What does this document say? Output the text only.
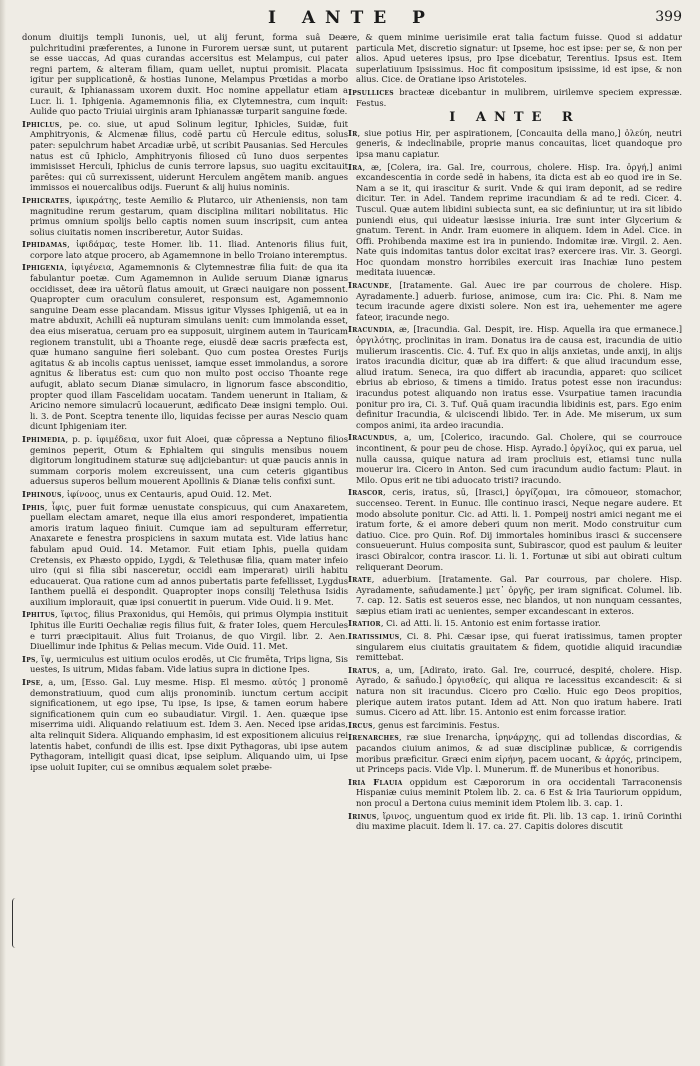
I ANTE P	399

donum diuitijs templi Iunonis, uel, ut alij ferunt, forma suâ Deæ pulchritudini præferentes, a Iunone in Furorem uersæ sunt, ut putarent se esse uaccas, Ad quas curandas accersitus est Melampus, cui pater regni partem, & alteram filiam, quam uellet, nuptui promisit. Placata igitur per supplicationê, & hostias Iunone, Melampus Prœtidas a morbo curauit, & Iphianassam uxorem duxit. Hoc nomine appellatur etiam a Lucr. li. 1. Iphigenia. Agamemnonis filia, ex Clytemnestra, cum inquit: Aulide quo pacto Triuiai uirginis aram Iphianassæ turparit sanguine fœde.

Iphiclus, pe. co. siue, ut apud Solinum legitur, Iphicles, Suidæ, fuit Amphitryonis, & Alcmenæ filius, codē partu cū Hercule editus, solus pater: sepulchrum habet Arcadiæ urbē, ut scribit Pausanias. Sed Hercules natus est cū Iphiclo, Amphitryonis filiosed cū Iuno duos serpentes immisisset Herculi, Iphiclus de cunis terrore lapsus, suo uagitu excitauit parētes: qui cū surrexissent, uiderunt Herculem angētem manib. angues immissos ei nouercalibus odijs. Fuerunt & alij huius nominis.

Iphicrates, ἰφικράτης, teste Aemilio & Plutarco, uir Atheniensis, non tam magnitudine rerum gestarum, quam disciplina militari nobilitatus. Hic primus omnium spolijs bello captis nomen suum inscripsit, cum antea solius ciuitatis nomen inscriberetur, Autor Suidas.

Iphidamas, ἰφιδάμας, teste Homer. lib. 11. Iliad. Antenoris filius fuit, corpore lato atque procero, ab Agamemnone in bello Troiano interemptus.

Iphigenia, ἰφιγένεια, Agamemnonis & Clytemnestræ filia fuit: de qua ita fabulantur poetæ. Cum Agamemnon in Aulide seruum Dianæ ignarus occidisset, deæ ira uētorū flatus amouit, ut Græci nauigare non possent. Quapropter cum oraculum consuleret, responsum est, Agamemnonio sanguine Deam esse placandam. Missus igitur Vlysses Iphigeniā, ut ea in matre abduxit, Achilli eā nupturam simulans uenit: cum immolanda esset, dea eius miseratua, ceruam pro ea supposuit, uirginem autem in Tauricam regionem transtulit, ubi a Thoante rege, eiusdē deæ sacris præfecta est, quæ humano sanguine fieri solebant. Quo cum postea Orestes Furijs agitatus & ab incolis captus uenisset, iamque esset immolandus, a sorore agnitus & liberatus est: cum quo non multo post occiso Thoante rege aufugit, ablato secum Dianæ simulacro, in lignorum fasce absconditio, propter quod illam Fascelidam uocatam. Tandem uenerunt in Italiam, & Aricino nemore simulacrū locauerunt, ædificato Deæ insigni templo. Oui. li. 3. de Pont. Sceptra tenente illo, liquidas fecisse per auras Nescio quam dicunt Iphigeniam iter.

Iphimedia, p. p. ἰφιμέδεια, uxor fuit Aloei, quæ cōpressa a Neptuno filios geminos peperit, Otum & Ephialtem qui singulis mensibus nouem digitorum longitudinem staturæ suę adijciebantur: ut quæ paucis annis in summam corporis molem excreuissent, una cum ceteris gigantibus aduersus superos bellum mouerent Apollinis & Dianæ telis confixi sunt.

Iphinous, ἰφίνοος, unus ex Centauris, apud Ouid. 12. Met.

Iphis, ἶφις, puer fuit formæ uenustate conspicuus, qui cum Anaxaretem, puellam electam amaret, neque illa eius amori responderet, impatientia amoris iratum laqueo finiuit. Cumque iam ad sepulturam efferretur, Anaxarete e fenestra prospiciens in saxum mutata est. Vide latius hanc fabulam apud Ouid. 14. Metamor. Fuit etiam Iphis, puella quidam Cretensis, ex Phæsto oppido, Lygdi, & Telethusæ filia, quam mater infeio uiro (qui si filia sibi nasceretur, occidi eam imperarat) uirili habitu educauerat. Qua ratione cum ad annos pubertatis parte fefellisset, Lygdus Ianthem puellā ei despondit. Quapropter inops consilij Telethusa Isidis auxilium implorauit, quæ ipsi conuertit in puerum. Vide Ouid. li 9. Met.

Iphitus, ἴφιτος, filius Praxonidus, qui Hemōis, qui primus Olympia instituit Iphitus ille Euriti Oechaliæ regis filius fuit, & frater Ioles, quem Hercules e turri præcipitauit. Alius fuit Troianus, de quo Virgil. libr. 2. Aen. Diuellimur inde Iphitus & Pelias mecum. Vide Ouid. 11. Met.

Ips, ἴψ, uermiculus est uitium oculos erodēs, ut Cic frumēta, Trips ligna, Sis uestes, Is uitrum, Midas fabam. Vide latius supra in dictione Ipes.

Ipse, a, um, [Esso. Gal. Luy mesme. Hisp. El mesmo. αὐτός ] pronomē demonstratiuum, quod cum alijs pronominib. iunctum certum accipit significationem, ut ego ipse, Tu ipse, Is ipse, & tamen eorum habere significationem quin cum eo subaudiatur. Virgil. 1. Aen. quæque ipse miserrima uidi. Aliquando relatiuum est. Idem 3. Aen. Neced ipse aridas, alta relinquit Sidera. Aliquando emphasim, id est expositionem alicuius rei latentis habet, confundi de illis est. Ipse dixit Pythagoras, ubi ipse autem Pythagoram, intelligit quasi dicat, ipse seiplum. Aliquando uim, ui Ipse ipse uoluit Iupiter, cui se omnibus æqualem solet præbe-

re, & quem minime uerisimile erat talia factum fuisse. Quod si addatur particula Met, discretio signatur: ut Ipseme, hoc est ipse: per se, & non per alios. Apud ueteres ipsus, pro Ipse dicebatur, Terentius. Ipsus est. Item superlatiuum Ipsissimus. Hoc fit compositum ipsissime, id est ipse, & non alius. Cice. de Oratiane ipso Aristoteles.

Ipsullices bracteæ dicebantur in mulibrem, uirilemve speciem expressæ. Festus.

I ANTE R

Ir, siue potius Hir, per aspirationem, [Concauita della mano,] ὀλεύη, neutri generis, & indeclinabile, proprie manus concauitas, licet quandoque pro ipsa manu capiatur.

Ira, æ, [Colera, ira. Gal. Ire, courrous, cholere. Hisp. Ira. ὀργή,] animi excandescentia in corde sedē in habens, ita dicta est ab eo quod ire in Se. Nam a se it, qui irascitur & surit. Vnde & qui iram deponit, ad se redire dicitur. Ter. in Adel. Tandem reprime iracundiam & ad te redi. Cicer. 4. Tuscul. Quæ autem libidini subiecta sunt, ea sic definiuntur, ut ira sit libido puniendi eius, qui uideatur læsisse iniuria. Iræ sunt inter Glycerium & gnatum. Terent. in Andr. Iram euomere in aliquem. Idem in Adel. Cice. in Offi. Prohibenda maxime est ira in puniendo. Indomitæ iræ. Virgil. 2. Aen. Nate quis indomitas tantus dolor excitat iras? exercere iras. Vir. 3. Georgi. Hoc quondam monstro horribiles exercuit iras Inachiæ Iuno pestem meditata iuuencæ.

Iracunde, [Iratamente. Gal. Auec ire par courrous de cholere. Hisp. Ayradamente.] aduerb. furiose, animose, cum ira: Cic. Phi. 8. Nam me tecum iracunde agere dixisti solere. Non est ira, uehementer me agere fateor, iracunde nego.

Iracundia, æ, [Iracundia. Gal. Despit, ire. Hisp. Aquella ira que ermanece.] ὀργιλότης, proclinitas in iram. Donatus ira de causa est, iracundia de uitio mulierum irascentis. Cic. 4. Tuf. Ex quo in alijs anxietas, unde anxij, in alijs iratos iracundia dicitur, quæ ab ira differt: & que aliud iracundum esse, aliud iratum. Seneca, ira quo differt ab iracundia, apparet: quo scilicet ebrius ab ebrioso, & timens a timido. Iratus potest esse non iracundus: iracundus potest aliquando non iratus esse. Vsurpatiue tamen iracundia ponitur pro ira, Ci. 3. Tuf. Quā quam iracundia libidinis est, pars. Ego enim definitur Iracundia, & ulciscendi libido. Ter. in Ade. Me miserum, ux sum compos animi, ita ardeo iracundia.

Iracundus, a, um, [Colerico, iracundo. Gal. Cholere, qui se courrouce incontinent, & pour peu de chose. Hisp. Ayrado.] ὀργίλος, qui ex parua, uel nulla caussa, quique natura ad iram procliuis est, etiamsi tunc nulla mouerur ira. Cicero in Anton. Sed cum iracundum audio factum: Plaut. in Milo. Opus erit ne tibi aduocato tristi? iracundo.

Irascor, ceris, iratus, sū, [Irasci,] ὀργίζομαι, ira cōmoueor, stomachor, succenseo. Terent. in Eunuc. Ille continuo irasci, Neque negare audere. Et modo absolute ponitur. Cic. ad Atti. li. 1. Pompeij nostri amici negant me ei iratum forte, & ei amore deberi quum non merit. Modo construitur cum datiuo. Cice. pro Quin. Rof. Dij immortales hominibus irasci & succensere consueuerunt. Huius composita sunt, Subirascor, quod est paulum & leuiter irasci Obiralcor, contra irascor. Li. li. 1. Fortunæ ut sibi aut obirati cultum reliquerant Deorum.

Irate, aduerbium. [Iratamente. Gal. Par courrous, par cholere. Hisp. Ayradamente, sañudamente.] μετ᾽ ὀργῆς, per iram significat. Columel. lib. 7. cap. 12. Satis est seueros esse, nec blandos, ut non nunquam cessantes, sæpius etiam irati ac uenientes, semper excandescant in exteros.

Iratior, Ci. ad Atti. li. 15. Antonio est enim fortasse iratior.

Iratissimus, Ci. 8. Phi. Cæsar ipse, qui fuerat iratissimus, tamen propter singularem eius ciuitatis grauitatem & fidem, quotidie aliquid iracundiæ remittebat.

Iratus, a, um, [Adirato, irato. Gal. Ire, courrucé, despité, cholere. Hisp. Ayrado, & sañudo.] ὀργισθείς, qui aliqua re lacessitus excandescit: & si natura non sit iracundus. Cicero pro Cœlio. Huic ego Deos propitios, plerique autem iratos putant. Idem ad Att. Non quo iratum habere. Irati sumus. Cicero ad Att. libr. 15. Antonio est enim forcasse iratior.

Ircus, genus est farciminis. Festus.

Irenarches, ræ siue Irenarcha, ἰρηνάρχης, qui ad tollendas discordias, & pacandos ciuium animos, & ad suæ disciplinæ publicæ, & corrigendis moribus præficitur. Græci enim εἰρήνη, pacem uocant, & ἀρχός, principem, ut Princeps pacis. Vide Vlp. l. Munerum. ff. de Muneribus et honoribus.

Iria Flauia oppidum est Cæpororum in ora occidentali Tarraconensis Hispaniæ cuius meminit Ptolem lib. 2. ca. 6 Est & Iria Tauriorum oppidum, non procul a Dertona cuius meminit idem Ptolem lib. 3. cap. 1.

Irinus, ἴρινος, unguentum quod ex iride fit. Pli. lib. 13 cap. 1. irinū Corinthi diu maxime placuit. Idem li. 17. ca. 27. Capitis dolores discutit
